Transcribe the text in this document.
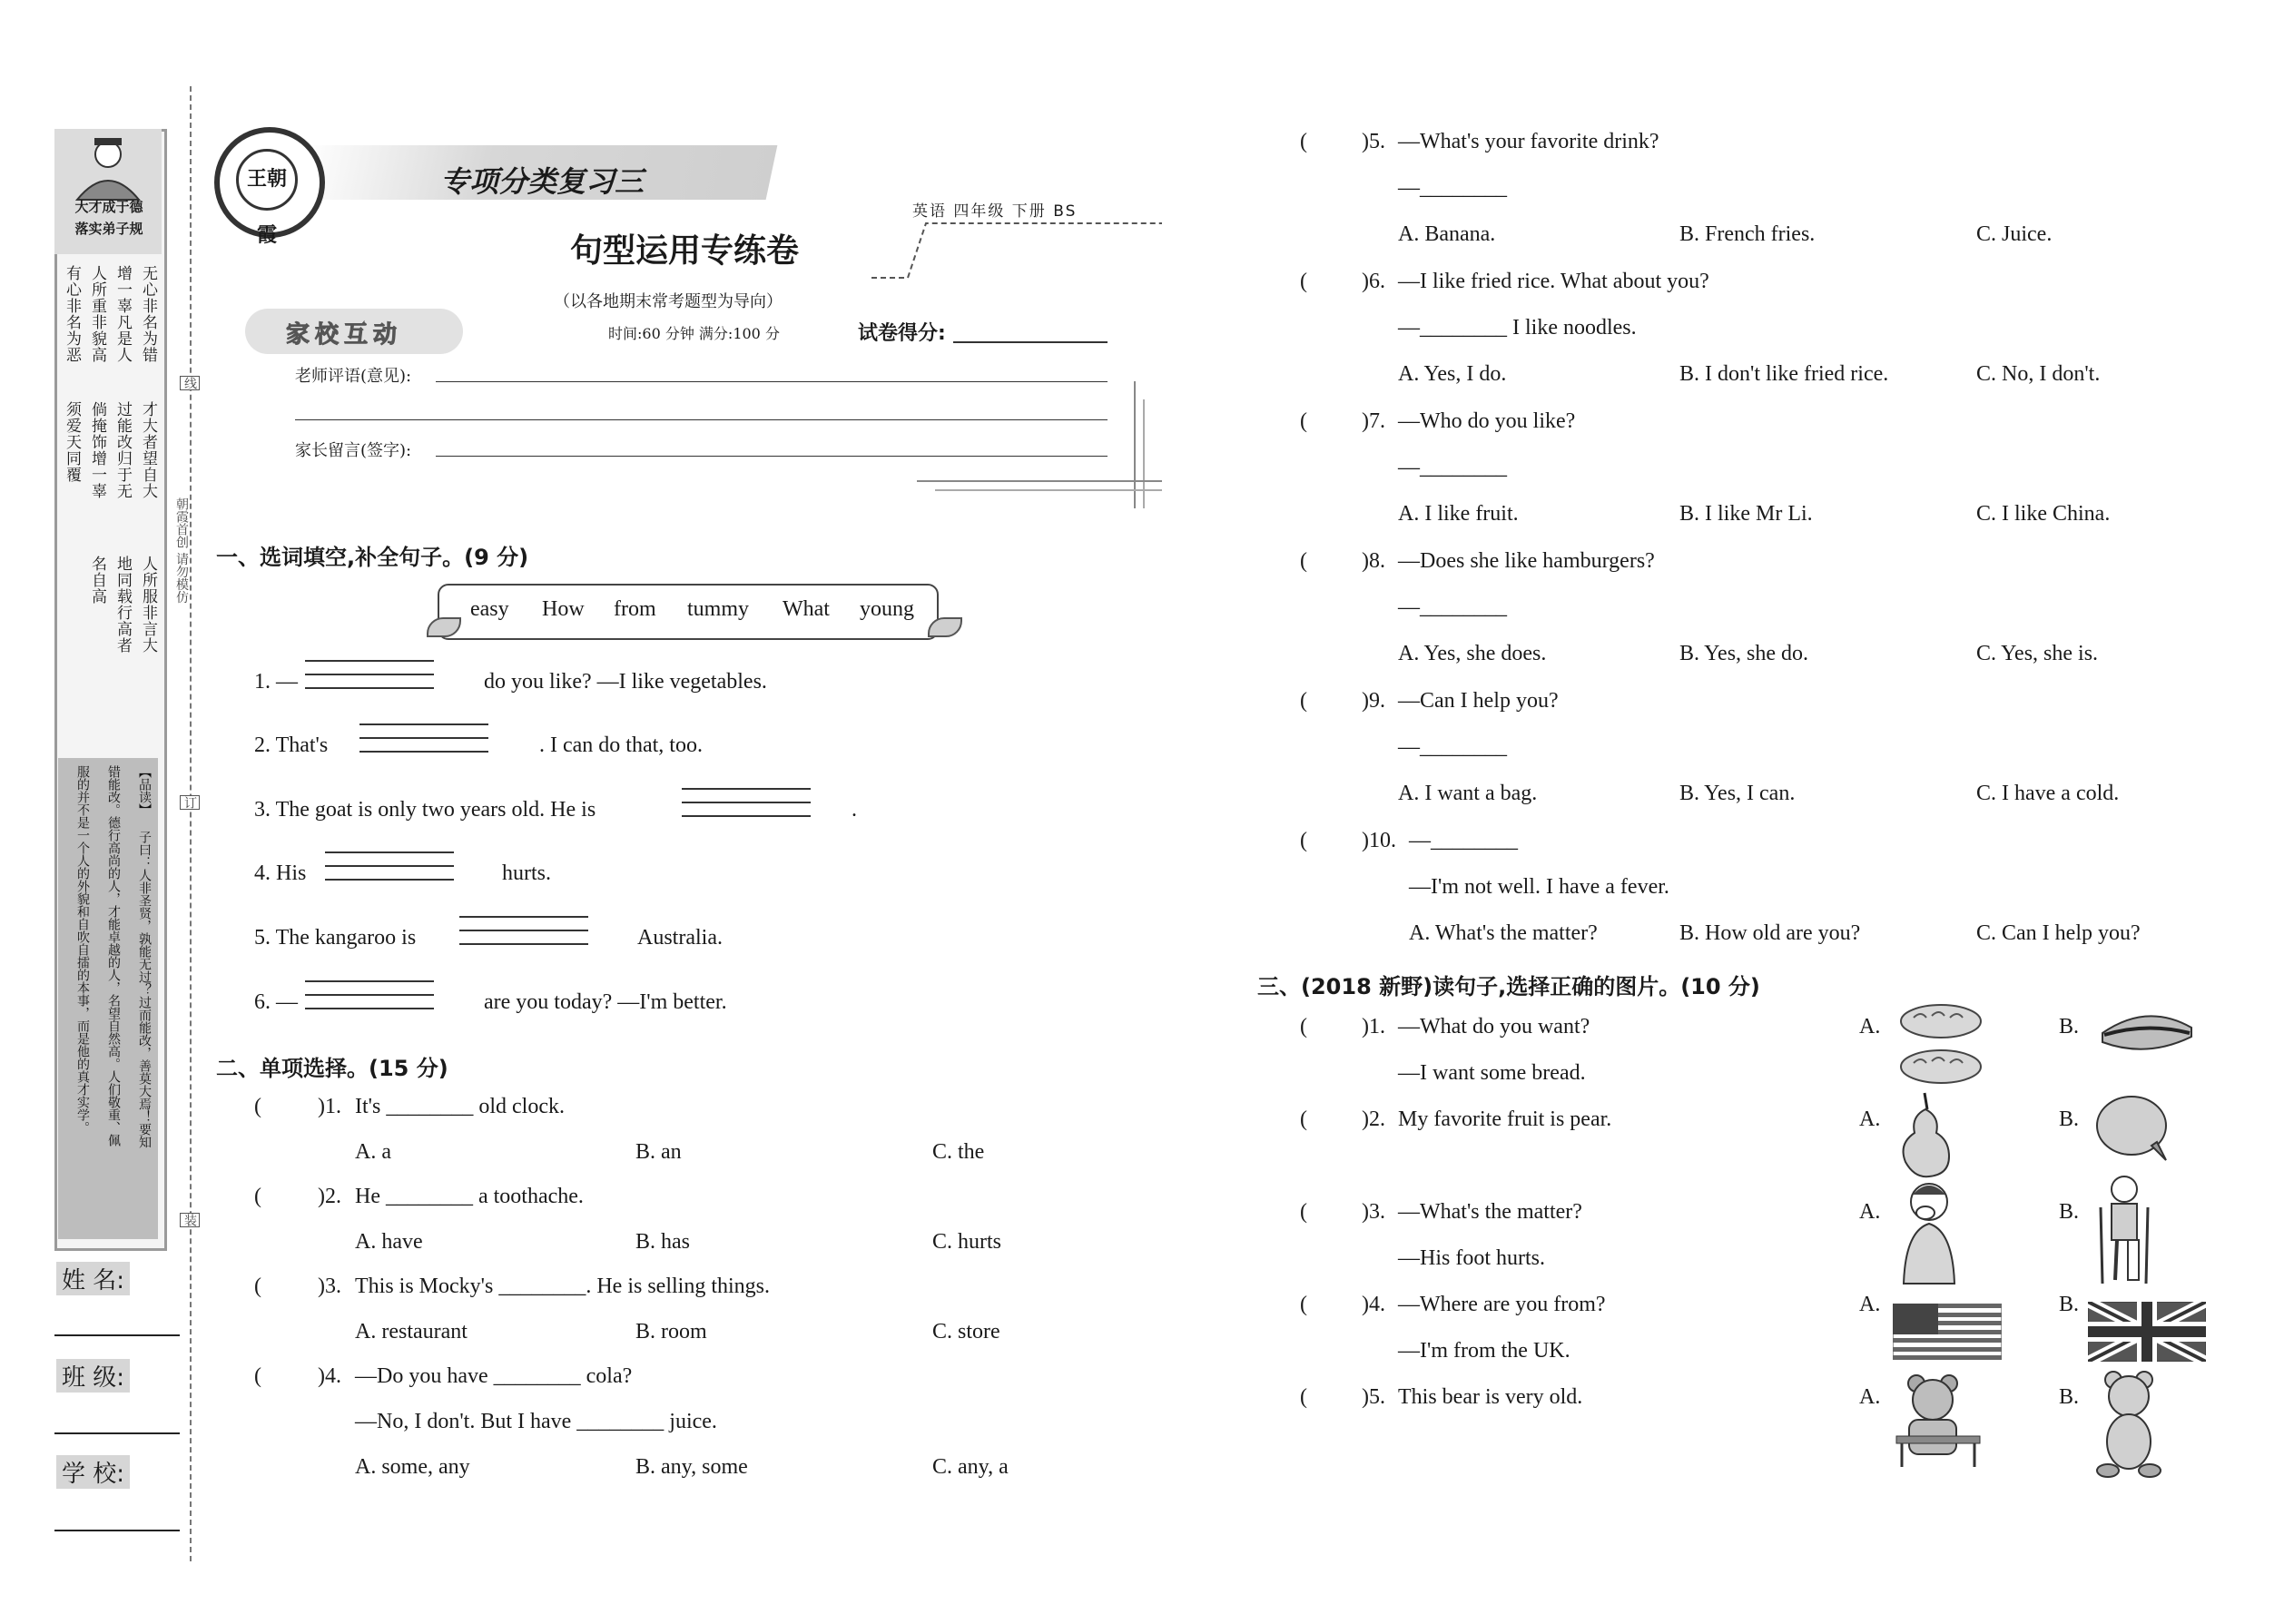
大才成于德
落实弟子规
无心非名为错
增一辜凡是人
人所重非貌高
有心非名为恶
才大者望自大
过能改归于无
倘掩饰增一辜
须爱天同覆
人所服非言大
地同载行高者
名自高
【品读】
子曰：人非圣贤，孰能无过？过而能改，善莫大焉！要知
错能改。德行高尚的人，才能卓越的人，名望自然高。人们敬重、佩
服的并不是一个人的外貌和自吹自擂的本事，而是他的真才实学。
姓 名:
班 级:
学 校:
线
订
装
朝霞首创 请勿模仿
王朝霞
专项分类复习三
英语 四年级 下册 BS
句型运用专练卷
（以各地期末常考题型为导向）
时间:60 分钟 满分:100 分	试卷得分:
家校互动
老师评语(意见):
家长留言(签字):
一、选词填空,补全句子。(9 分)
easy How from tummy What young
1. —	do you like? —I like vegetables.
2. That's	. I can do that, too.
3. The goat is only two years old. He is	.
4. His	hurts.
5. The kangaroo is	Australia.
6. —	are you today? —I'm better.
二、单项选择。(15 分)
(	)1. It's ________ old clock.
A. a	B. an	C. the
(	)2. He ________ a toothache.
A. have	B. has	C. hurts
(	)3. This is Mocky's ________. He is selling things.
A. restaurant	B. room	C. store
(	)4. —Do you have ________ cola?
—No, I don't. But I have ________ juice.
A. some, any	B. any, some	C. any, a
(	)5. —What's your favorite drink?
—________
A. Banana.	B. French fries.	C. Juice.
(	)6. —I like fried rice. What about you?
—________ I like noodles.
A. Yes, I do.	B. I don't like fried rice.	C. No, I don't.
(	)7. —Who do you like?
—________
A. I like fruit.	B. I like Mr Li.	C. I like China.
(	)8. —Does she like hamburgers?
—________
A. Yes, she does.	B. Yes, she do.	C. Yes, she is.
(	)9. —Can I help you?
—________
A. I want a bag.	B. Yes, I can.	C. I have a cold.
(	)10. —________
—I'm not well. I have a fever.
A. What's the matter?	B. How old are you?	C. Can I help you?
三、(2018 新野)读句子,选择正确的图片。(10 分)
(	)1. —What do you want?
—I want some bread.
A.	B.
(	)2. My favorite fruit is pear.	A.	B.
(	)3. —What's the matter?
—His foot hurts.
A.	B.
(	)4. —Where are you from?
—I'm from the UK.
A.	B.
(	)5. This bear is very old.	A.	B.
